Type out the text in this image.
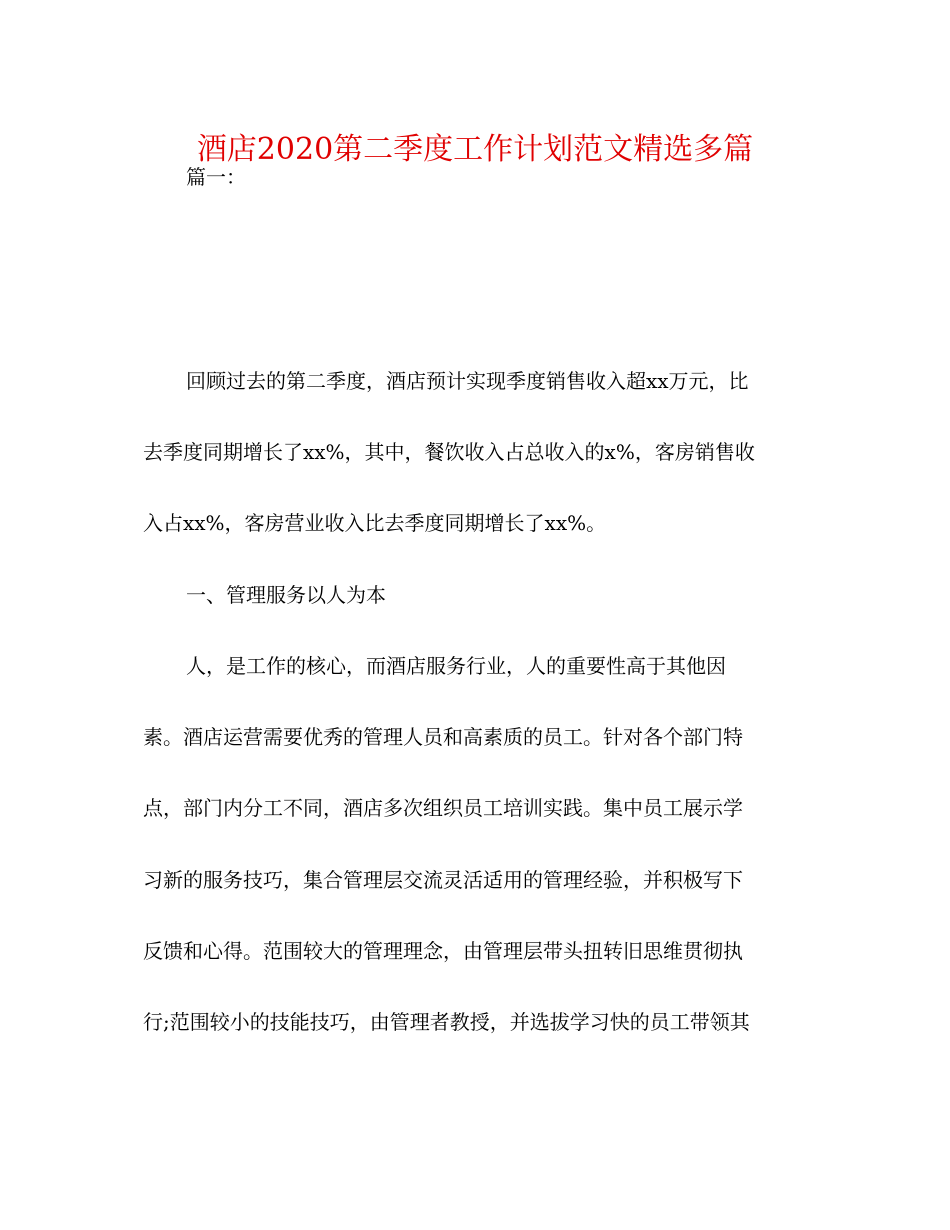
酒店2020第二季度工作计划范文精选多篇
篇一：
回顾过去的第二季度，酒店预计实现季度销售收入超xx万元，比
去季度同期增长了xx%，其中，餐饮收入占总收入的x%，客房销售收
入占xx%，客房营业收入比去季度同期增长了xx%。
一、管理服务以人为本
人，是工作的核心，而酒店服务行业，人的重要性高于其他因
素。酒店运营需要优秀的管理人员和高素质的员工。针对各个部门特
点，部门内分工不同，酒店多次组织员工培训实践。集中员工展示学
习新的服务技巧，集合管理层交流灵活适用的管理经验，并积极写下
反馈和心得。范围较大的管理理念，由管理层带头扭转旧思维贯彻执
行;范围较小的技能技巧，由管理者教授，并选拔学习快的员工带领其
